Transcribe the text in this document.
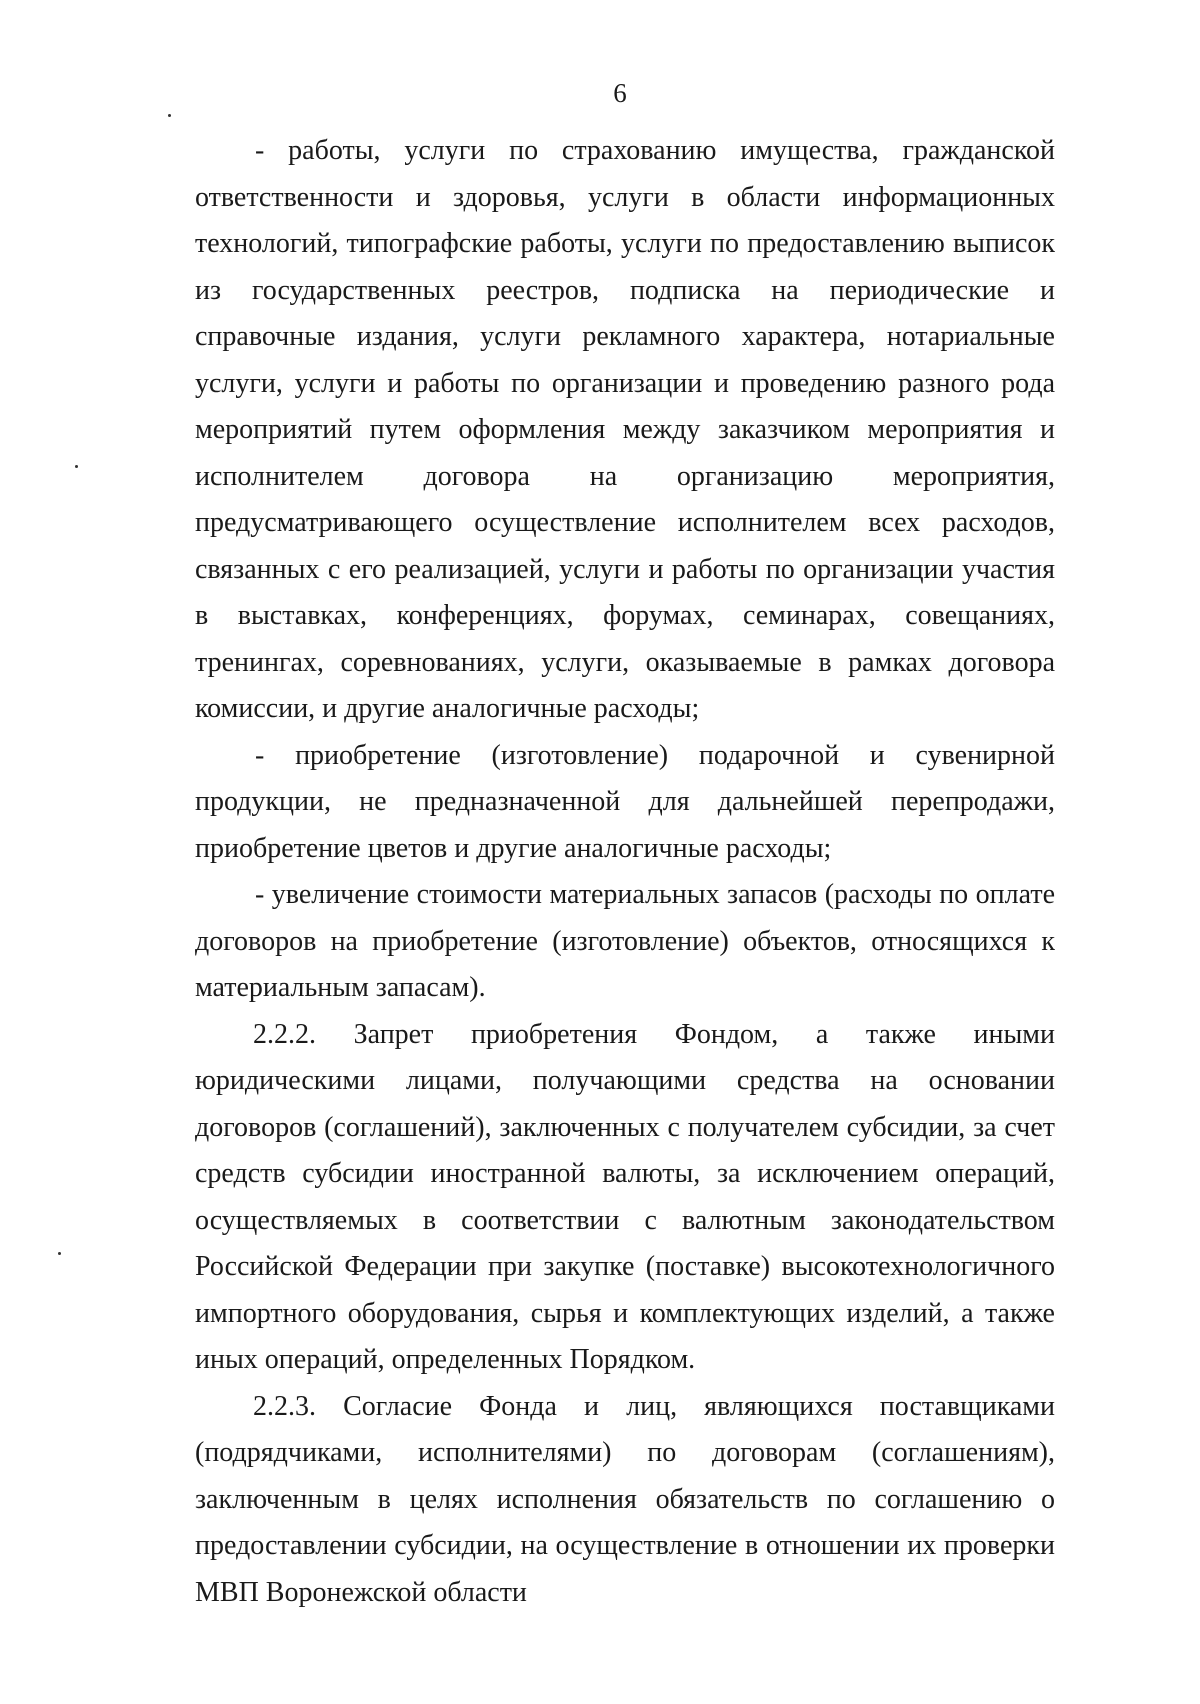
6

- работы, услуги по страхованию имущества, гражданской ответственности и здоровья, услуги в области информационных технологий, типографские работы, услуги по предоставлению выписок из государственных реестров, подписка на периодические и справочные издания, услуги рекламного характера, нотариальные услуги, услуги и работы по организации и проведению разного рода мероприятий путем оформления между заказчиком мероприятия и исполнителем договора на организацию мероприятия, предусматривающего осуществление исполнителем всех расходов, связанных с его реализацией, услуги и работы по организации участия в выставках, конференциях, форумах, семинарах, совещаниях, тренингах, соревнованиях, услуги, оказываемые в рамках договора комиссии, и другие аналогичные расходы;

- приобретение (изготовление) подарочной и сувенирной продукции, не предназначенной для дальнейшей перепродажи, приобретение цветов и другие аналогичные расходы;

- увеличение стоимости материальных запасов (расходы по оплате договоров на приобретение (изготовление) объектов, относящихся к материальным запасам).

2.2.2. Запрет приобретения Фондом, а также иными юридическими лицами, получающими средства на основании договоров (соглашений), заключенных с получателем субсидии, за счет средств субсидии иностранной валюты, за исключением операций, осуществляемых в соответствии с валютным законодательством Российской Федерации при закупке (поставке) высокотехнологичного импортного оборудования, сырья и комплектующих изделий, а также иных операций, определенных Порядком.

2.2.3. Согласие Фонда и лиц, являющихся поставщиками (подрядчиками, исполнителями) по договорам (соглашениям), заключенным в целях исполнения обязательств по соглашению о предоставлении субсидии, на осуществление в отношении их проверки МВП Воронежской области
